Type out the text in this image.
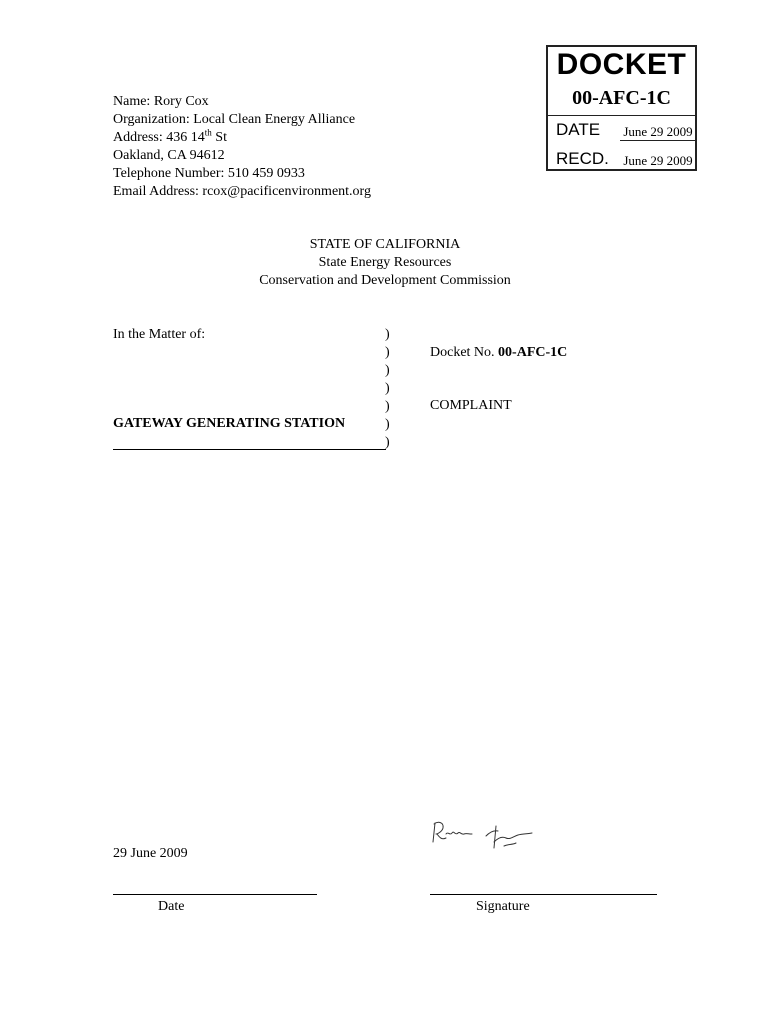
Name: Rory Cox
Organization: Local Clean Energy Alliance
Address: 436 14th St
Oakland, CA 94612
Telephone Number: 510 459 0933
Email Address: rcox@pacificenvironment.org
DOCKET
00-AFC-1C
DATE June 29 2009
RECD. June 29 2009
STATE OF CALIFORNIA
State Energy Resources
Conservation and Development Commission
In the Matter of:
GATEWAY GENERATING STATION
)
)
)
)
)
)
)
Docket No. 00-AFC-1C
COMPLAINT
29 June 2009
Date	Signature
